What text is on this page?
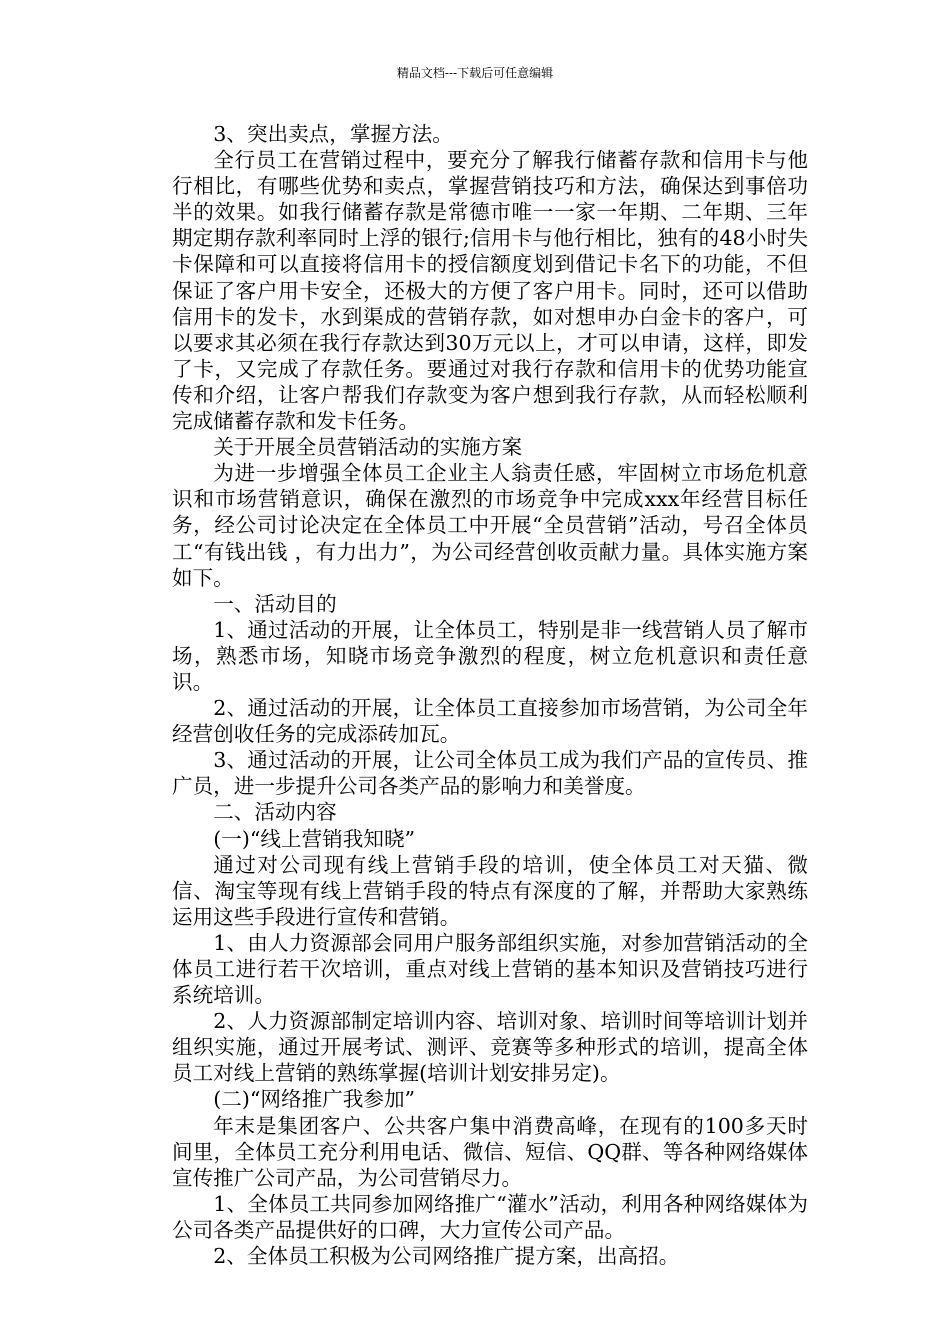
精品文档---下载后可任意编辑

3、突出卖点，掌握方法。

全行员工在营销过程中，要充分了解我行储蓄存款和信用卡与他行相比，有哪些优势和卖点，掌握营销技巧和方法，确保达到事倍功半的效果。如我行储蓄存款是常德市唯一一家一年期、二年期、三年期定期存款利率同时上浮的银行;信用卡与他行相比，独有的48小时失卡保障和可以直接将信用卡的授信额度划到借记卡名下的功能，不但保证了客户用卡安全，还极大的方便了客户用卡。同时，还可以借助信用卡的发卡，水到渠成的营销存款，如对想申办白金卡的客户，可以要求其必须在我行存款达到30万元以上，才可以申请，这样，即发了卡，又完成了存款任务。要通过对我行存款和信用卡的优势功能宣传和介绍，让客户帮我们存款变为客户想到我行存款，从而轻松顺利完成储蓄存款和发卡任务。

关于开展全员营销活动的实施方案

为进一步增强全体员工企业主人翁责任感，牢固树立市场危机意识和市场营销意识，确保在激烈的市场竞争中完成xxx年经营目标任务，经公司讨论决定在全体员工中开展“全员营销”活动，号召全体员工“有钱出钱 ，有力出力”，为公司经营创收贡献力量。具体实施方案如下。

一、活动目的

1、通过活动的开展，让全体员工，特别是非一线营销人员了解市场，熟悉市场，知晓市场竞争激烈的程度，树立危机意识和责任意识。

2、通过活动的开展，让全体员工直接参加市场营销，为公司全年经营创收任务的完成添砖加瓦。

3、通过活动的开展，让公司全体员工成为我们产品的宣传员、推广员，进一步提升公司各类产品的影响力和美誉度。

二、活动内容

(一)“线上营销我知晓”

通过对公司现有线上营销手段的培训，使全体员工对天猫、微信、淘宝等现有线上营销手段的特点有深度的了解，并帮助大家熟练运用这些手段进行宣传和营销。

1、由人力资源部会同用户服务部组织实施，对参加营销活动的全体员工进行若干次培训，重点对线上营销的基本知识及营销技巧进行系统培训。

2、人力资源部制定培训内容、培训对象、培训时间等培训计划并组织实施，通过开展考试、测评、竞赛等多种形式的培训，提高全体员工对线上营销的熟练掌握(培训计划安排另定)。

(二)“网络推广我参加”

年末是集团客户、公共客户集中消费高峰，在现有的100多天时间里，全体员工充分利用电话、微信、短信、QQ群、等各种网络媒体宣传推广公司产品，为公司营销尽力。

1、全体员工共同参加网络推广“灌水”活动，利用各种网络媒体为公司各类产品提供好的口碑，大力宣传公司产品。

2、全体员工积极为公司网络推广提方案，出高招。
